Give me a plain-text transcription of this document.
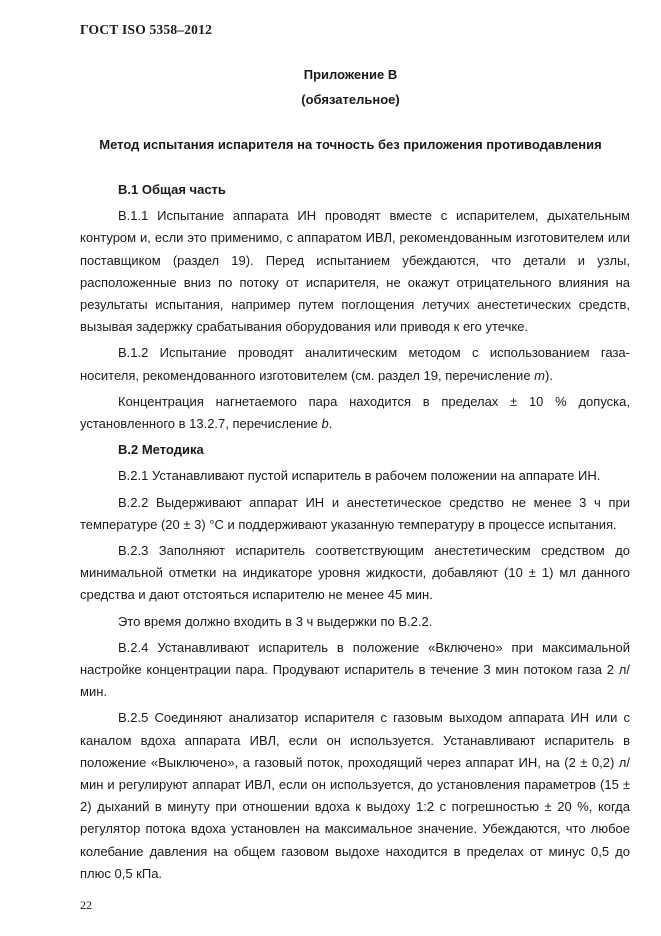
ГОСТ ISO 5358–2012
Приложение В
(обязательное)
Метод испытания испарителя на точность без приложения противодавления

В.1 Общая часть

В.1.1 Испытание аппарата ИН проводят вместе с испарителем, дыхательным контуром и, если это применимо, с аппаратом ИВЛ, рекомендованным изготовителем или поставщиком (раздел 19). Перед испытанием убеждаются, что детали и узлы, расположенные вниз по потоку от испарителя, не окажут отрицательного влияния на результаты испытания, например путем поглощения летучих анестетических средств, вызывая задержку срабатывания оборудования или приводя к его утечке.

В.1.2 Испытание проводят аналитическим методом с использованием газа-носителя, рекомендованного изготовителем (см. раздел 19, перечисление m).

Концентрация нагнетаемого пара находится в пределах ± 10 % допуска, установленного в 13.2.7, перечисление b.

В.2 Методика

В.2.1 Устанавливают пустой испаритель в рабочем положении на аппарате ИН.

В.2.2 Выдерживают аппарат ИН и анестетическое средство не менее 3 ч при температуре (20 ± 3) °С и поддерживают указанную температуру в процессе испытания.

В.2.3 Заполняют испаритель соответствующим анестетическим средством до минимальной отметки на индикаторе уровня жидкости, добавляют (10 ± 1) мл данного средства и дают отстояться испарителю не менее 45 мин.

Это время должно входить в 3 ч выдержки по В.2.2.

В.2.4 Устанавливают испаритель в положение «Включено» при максимальной настройке концентрации пара. Продувают испаритель в течение 3 мин потоком газа 2 л/мин.

В.2.5 Соединяют анализатор испарителя с газовым выходом аппарата ИН или с каналом вдоха аппарата ИВЛ, если он используется. Устанавливают испаритель в положение «Выключено», а газовый поток, проходящий через аппарат ИН, на (2 ± 0,2) л/мин и регулируют аппарат ИВЛ, если он используется, до установления параметров (15 ± 2) дыханий в минуту при отношении вдоха к выдоху 1:2 с погрешностью ± 20 %, когда регулятор потока вдоха установлен на максимальное значение. Убеждаются, что любое колебание давления на общем газовом выдохе находится в пределах от минус 0,5 до плюс 0,5 кПа.

22
